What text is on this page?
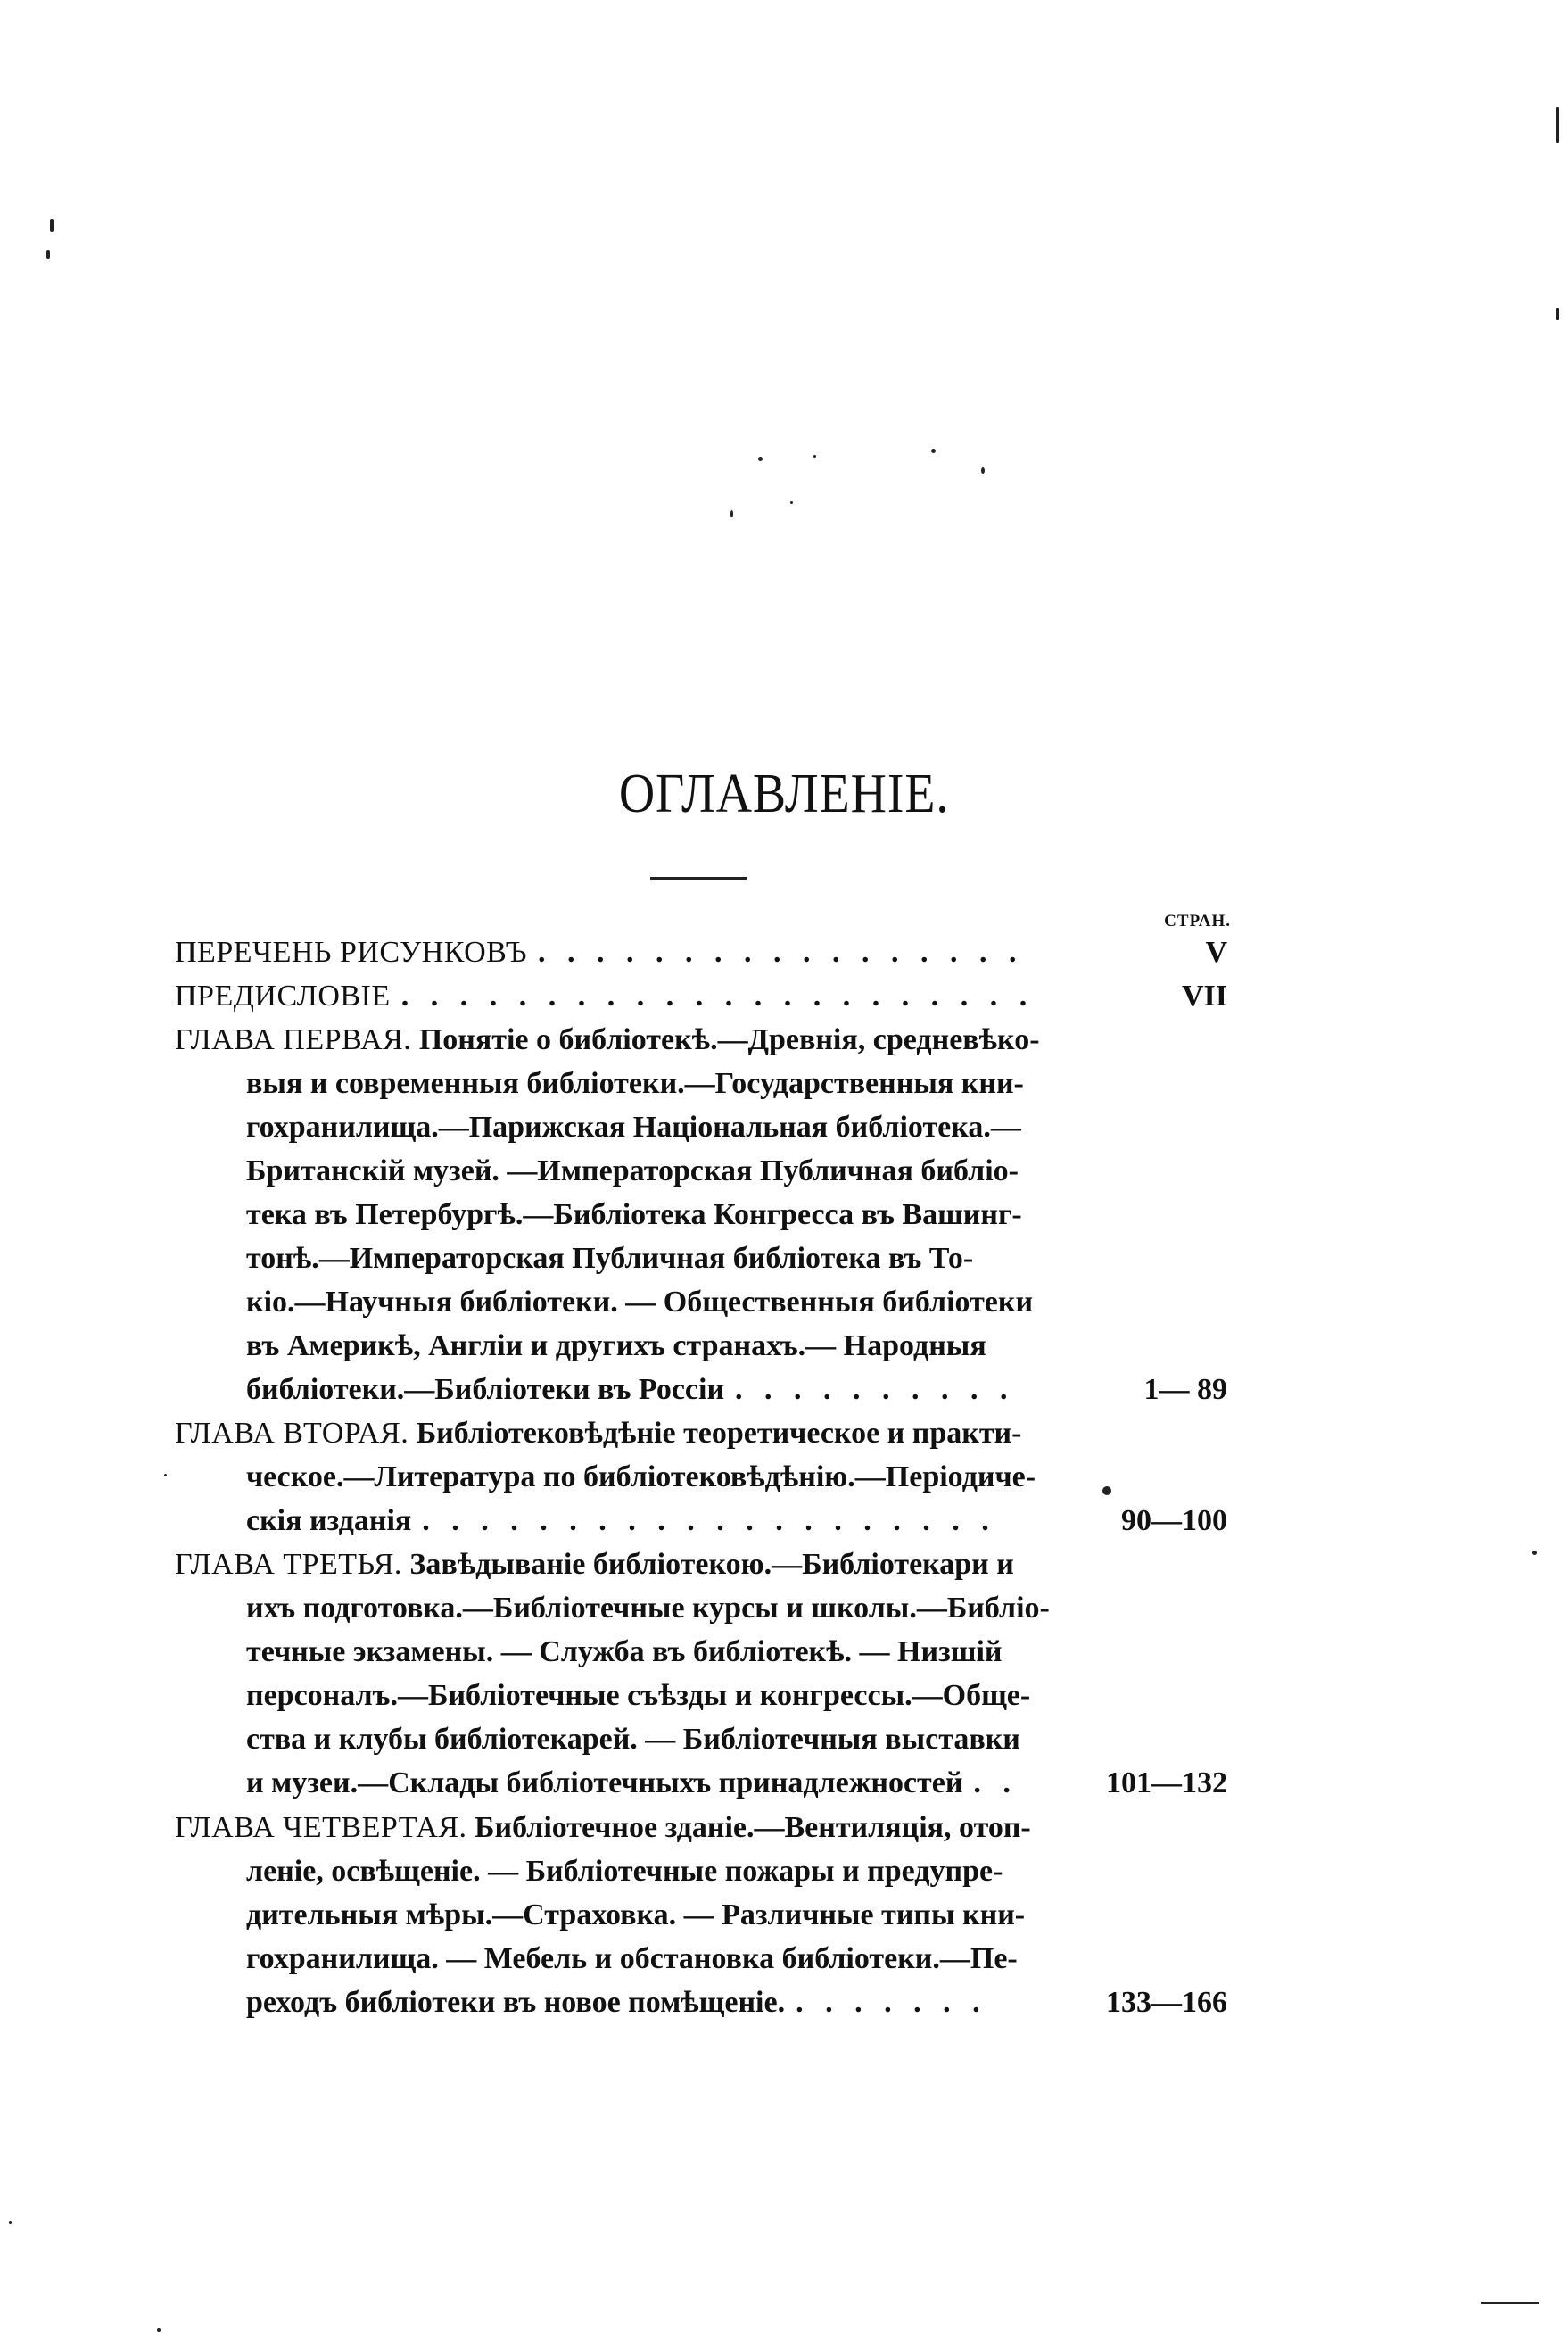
ОГЛАВЛЕНІЕ.
СТРАН.
ПЕРЕЧЕНЬ РИСУНКОВЪ . . . . . . . . . . . . . . . . .	V
ПРЕДИСЛОВІЕ . . . . . . . . . . . . . . . . . . . . . .	VII
ГЛАВА ПЕРВАЯ. Понятіе о библіотекѣ.—Древнія, средневѣко-
выя и современныя библіотеки.—Государственныя кни-
гохранилища.—Парижская Національная библіотека.—
Британскій музей. —Императорская Публичная библіо-
тека въ Петербургѣ.—Библіотека Конгресса въ Вашинг-
тонѣ.—Императорская Публичная библіотека въ То-
кіо.—Научныя библіотеки. — Общественныя библіотеки
въ Америкѣ, Англіи и другихъ странахъ.— Народныя
библіотеки.—Библіотеки въ Россіи . . . . . . . . . .	1— 89
ГЛАВА ВТОРАЯ. Библіотековѣдѣніе теоретическое и практи-
ческое.—Литература по библіотековѣдѣнію.—Періодиче-
скія изданія . . . . . . . . . . . . . . . . . . . .	90—100
ГЛАВА ТРЕТЬЯ. Завѣдываніе библіотекою.—Библіотекари и
ихъ подготовка.—Библіотечные курсы и школы.—Библіо-
течные экзамены. — Служба въ библіотекѣ. — Низшій
персоналъ.—Библіотечные съѣзды и конгрессы.—Обще-
ства и клубы библіотекарей. — Библіотечныя выставки
и музеи.—Склады библіотечныхъ принадлежностей . .	101—132
ГЛАВА ЧЕТВЕРТАЯ. Библіотечное зданіе.—Вентиляція, отоп-
леніе, освѣщеніе. — Библіотечные пожары и предупре-
дительныя мѣры.—Страховка. — Различные типы кни-
гохранилища. — Мебель и обстановка библіотеки.—Пе-
реходъ библіотеки въ новое помѣщеніе. . . . . . . .	133—166
